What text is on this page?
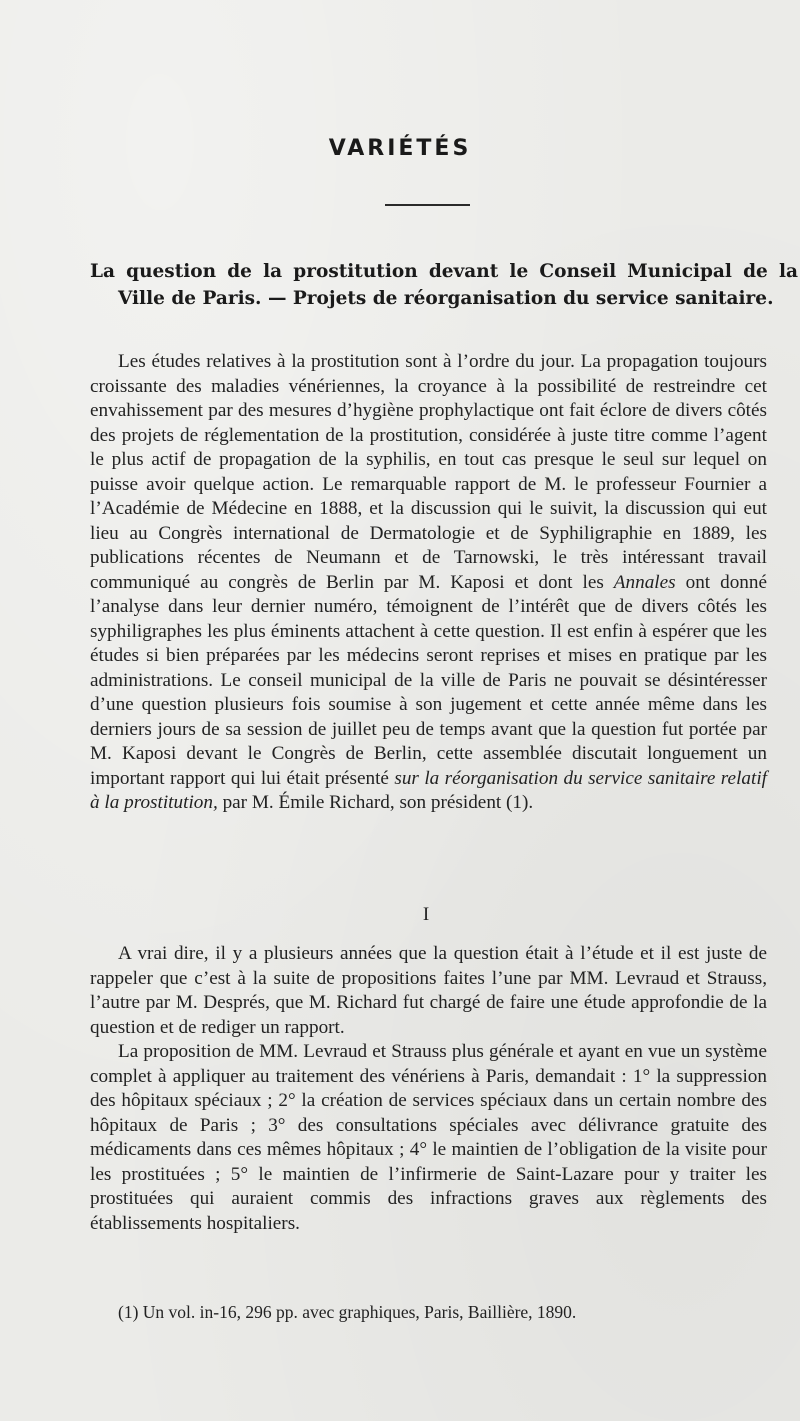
VARIÉTÉS
La question de la prostitution devant le Conseil Municipal de la Ville de Paris. — Projets de réorganisation du service sanitaire.

Les études relatives à la prostitution sont à l’ordre du jour. La propagation toujours croissante des maladies vénériennes, la croyance à la possibilité de restreindre cet envahissement par des mesures d’hygiène prophylactique ont fait éclore de divers côtés des projets de réglementation de la prostitution, considérée à juste titre comme l’agent le plus actif de propagation de la syphilis, en tout cas presque le seul sur lequel on puisse avoir quelque action. Le remarquable rapport de M. le professeur Fournier a l’Académie de Médecine en 1888, et la discussion qui le suivit, la discussion qui eut lieu au Congrès international de Dermatologie et de Syphiligraphie en 1889, les publications récentes de Neumann et de Tarnowski, le très intéressant travail communiqué au congrès de Berlin par M. Kaposi et dont les Annales ont donné l’analyse dans leur dernier numéro, témoignent de l’intérêt que de divers côtés les syphiligraphes les plus éminents attachent à cette question. Il est enfin à espérer que les études si bien préparées par les médecins seront reprises et mises en pratique par les administrations. Le conseil municipal de la ville de Paris ne pouvait se désintéresser d’une question plusieurs fois soumise à son jugement et cette année même dans les derniers jours de sa session de juillet peu de temps avant que la question fut portée par M. Kaposi devant le Congrès de Berlin, cette assemblée discutait longuement un important rapport qui lui était présenté sur la réorganisation du service sanitaire relatif à la prostitution, par M. Émile Richard, son président (1).

I

A vrai dire, il y a plusieurs années que la question était à l’étude et il est juste de rappeler que c’est à la suite de propositions faites l’une par MM. Levraud et Strauss, l’autre par M. Després, que M. Richard fut chargé de faire une étude approfondie de la question et de rediger un rapport.

La proposition de MM. Levraud et Strauss plus générale et ayant en vue un système complet à appliquer au traitement des vénériens à Paris, demandait : 1° la suppression des hôpitaux spéciaux ; 2° la création de services spéciaux dans un certain nombre des hôpitaux de Paris ; 3° des consultations spéciales avec délivrance gratuite des médicaments dans ces mêmes hôpitaux ; 4° le maintien de l’obligation de la visite pour les prostituées ; 5° le maintien de l’infirmerie de Saint-Lazare pour y traiter les prostituées qui auraient commis des infractions graves aux règlements des établissements hospitaliers.

(1) Un vol. in-16, 296 pp. avec graphiques, Paris, Baillière, 1890.
